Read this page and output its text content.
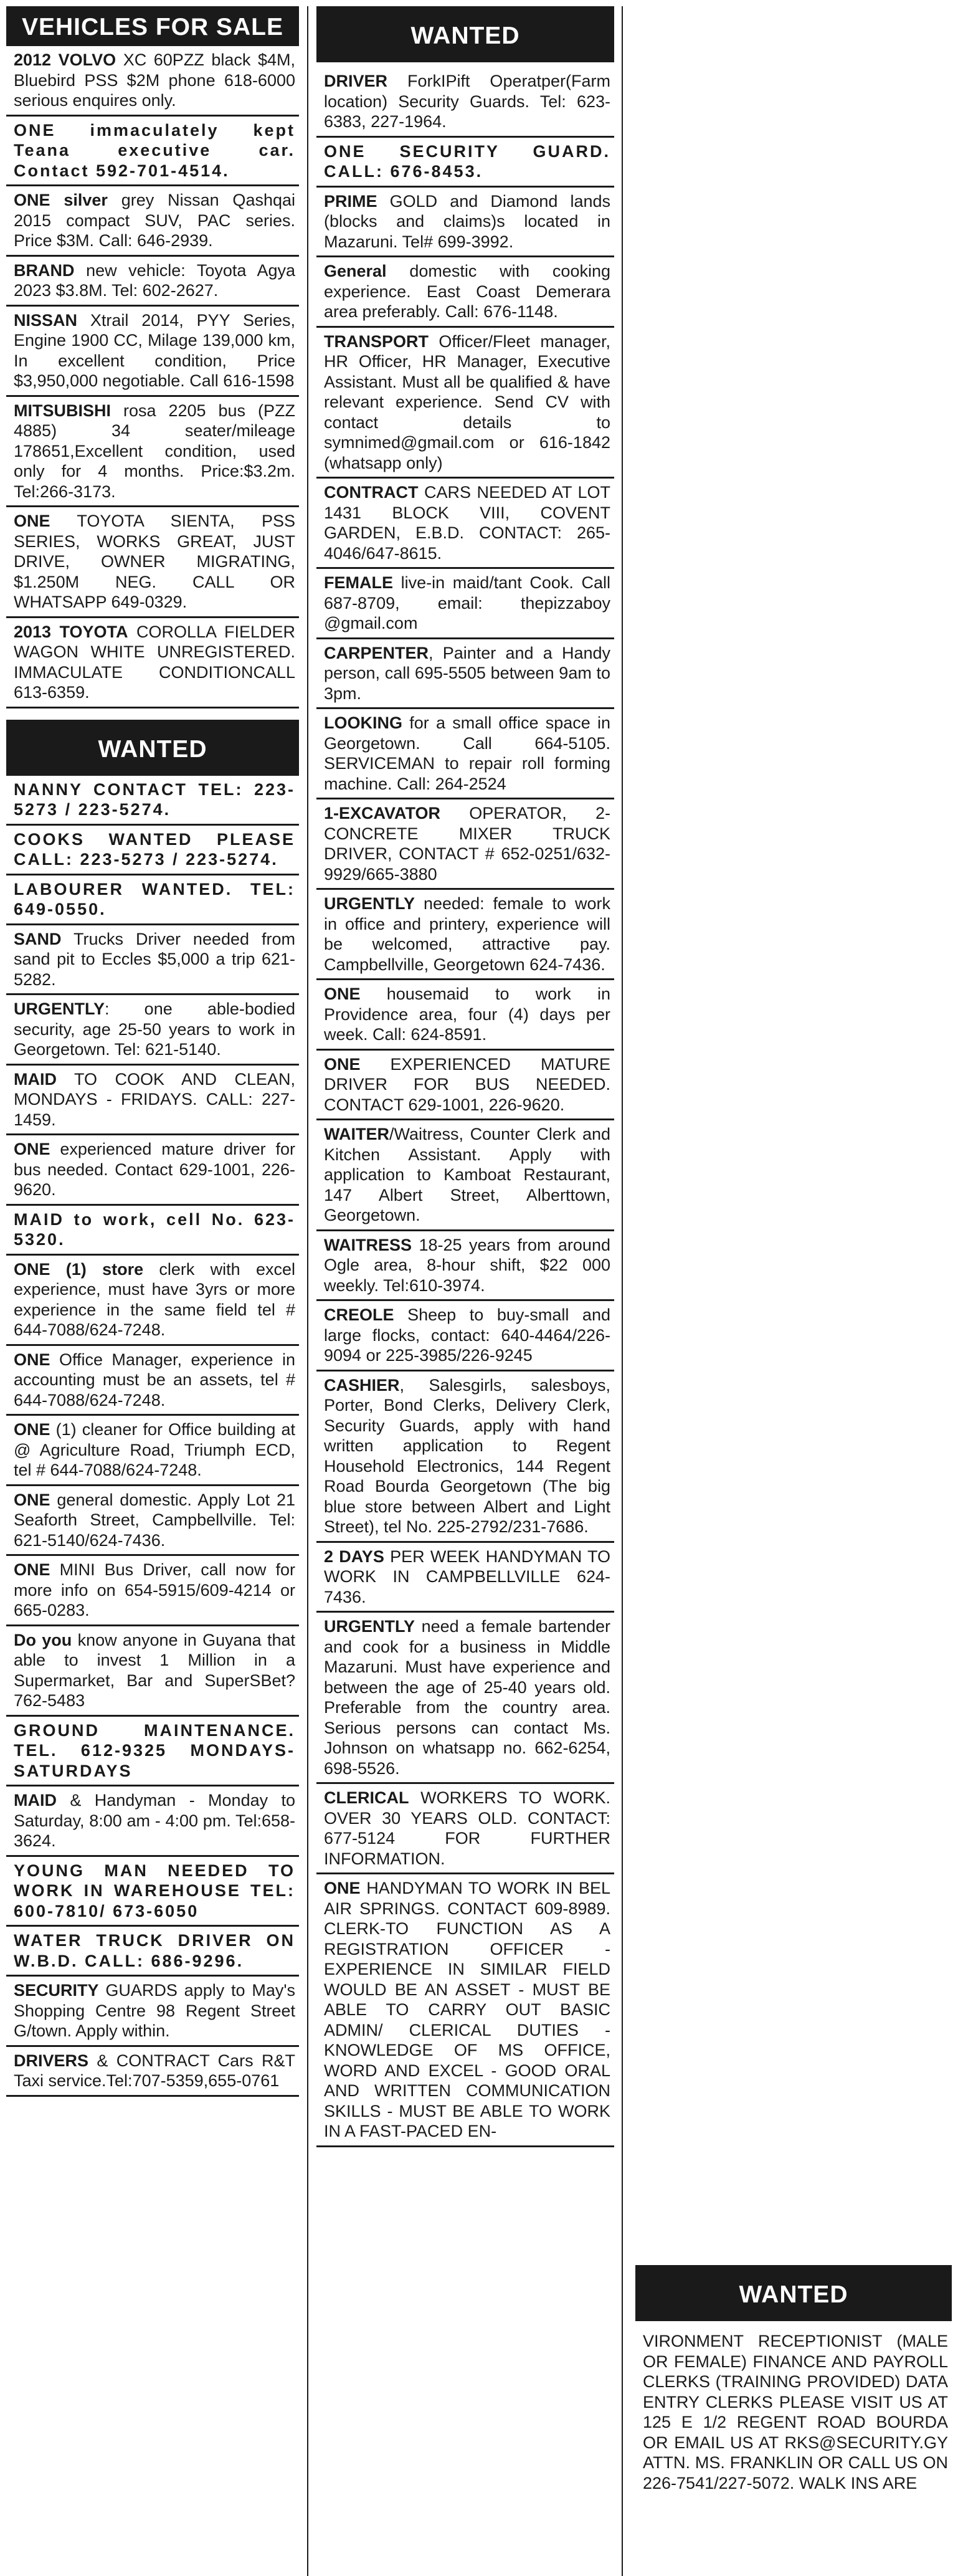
VEHICLES FOR SALE
2012 VOLVO XC 60PZZ black $4M, Bluebird PSS $2M phone 618-6000 serious enquires only.
ONE immaculately kept Teana executive car. Contact 592-701-4514.
ONE silver grey Nissan Qashqai 2015 compact SUV, PAC series. Price $3M. Call: 646-2939.
BRAND new vehicle: Toyota Agya 2023 $3.8M. Tel: 602-2627.
NISSAN Xtrail 2014, PYY Series, Engine 1900 CC, Milage 139,000 km, In excellent condition, Price $3,950,000 negotiable. Call 616-1598
MITSUBISHI rosa 2205 bus (PZZ 4885) 34 seater/mileage 178651,Excellent condition, used only for 4 months. Price:$3.2m. Tel:266-3173.
ONE TOYOTA SIENTA, PSS SERIES, WORKS GREAT, JUST DRIVE, OWNER MIGRATING, $1.250M NEG. CALL OR WHATSAPP 649-0329.
2013 TOYOTA COROLLA FIELDER WAGON WHITE UNREGISTERED. IMMACULATE CONDITIONCALL 613-6359.
WANTED
NANNY CONTACT TEL: 223-5273 / 223-5274.
COOKS WANTED PLEASE CALL: 223-5273 / 223-5274.
LABOURER WANTED. TEL: 649-0550.
SAND Trucks Driver needed from sand pit to Eccles $5,000 a trip 621-5282.
URGENTLY: one able-bodied security, age 25-50 years to work in Georgetown. Tel: 621-5140.
MAID TO COOK AND CLEAN, MONDAYS - FRIDAYS. CALL: 227-1459.
ONE experienced mature driver for bus needed. Contact 629-1001, 226-9620.
MAID to work, cell No. 623-5320.
ONE (1) store clerk with excel experience, must have 3yrs or more experience in the same field tel # 644-7088/624-7248.
ONE Office Manager, experience in accounting must be an assets, tel # 644-7088/624-7248.
ONE (1) cleaner for Office building at @ Agriculture Road, Triumph ECD, tel # 644-7088/624-7248.
ONE general domestic. Apply Lot 21 Seaforth Street, Campbellville. Tel: 621-5140/624-7436.
ONE MINI Bus Driver, call now for more info on 654-5915/609-4214 or 665-0283.
Do you know anyone in Guyana that able to invest 1 Million in a Supermarket, Bar and SuperSBet? 762-5483
GROUND MAINTENANCE. TEL. 612-9325 MONDAYS-SATURDAYS
MAID & Handyman - Monday to Saturday, 8:00 am - 4:00 pm. Tel:658-3624.
YOUNG MAN NEEDED TO WORK IN WAREHOUSE TEL: 600-7810/ 673-6050
WATER TRUCK DRIVER ON W.B.D. CALL: 686-9296.
SECURITY GUARDS apply to May's Shopping Centre 98 Regent Street G/town. Apply within.
DRIVERS & CONTRACT Cars R&T Taxi service.Tel:707-5359,655-0761
WANTED
DRIVER ForkIPift Operatper(Farm location) Security Guards. Tel: 623-6383, 227-1964.
ONE SECURITY GUARD. CALL: 676-8453.
PRIME GOLD and Diamond lands (blocks and claims)s located in Mazaruni. Tel# 699-3992.
General domestic with cooking experience. East Coast Demerara area preferably. Call: 676-1148.
TRANSPORT Officer/Fleet manager, HR Officer, HR Manager, Executive Assistant. Must all be qualified & have relevant experience. Send CV with contact details to symnimed@gmail.com or 616-1842 (whatsapp only)
CONTRACT CARS NEEDED AT LOT 1431 BLOCK VIII, COVENT GARDEN, E.B.D. CONTACT: 265-4046/647-8615.
FEMALE live-in maid/tant Cook. Call 687-8709, email: thepizzaboy @gmail.com
CARPENTER, Painter and a Handy person, call 695-5505 between 9am to 3pm.
LOOKING for a small office space in Georgetown. Call 664-5105. SERVICEMAN to repair roll forming machine. Call: 264-2524
1-EXCAVATOR OPERATOR, 2- CONCRETE MIXER TRUCK DRIVER, CONTACT # 652-0251/632-9929/665-3880
URGENTLY needed: female to work in office and printery, experience will be welcomed, attractive pay. Campbellville, Georgetown 624-7436.
ONE housemaid to work in Providence area, four (4) days per week. Call: 624-8591.
ONE EXPERIENCED MATURE DRIVER FOR BUS NEEDED. CONTACT 629-1001, 226-9620.
WAITER/Waitress, Counter Clerk and Kitchen Assistant. Apply with application to Kamboat Restaurant, 147 Albert Street, Alberttown, Georgetown.
WAITRESS 18-25 years from around Ogle area, 8-hour shift, $22 000 weekly. Tel:610-3974.
CREOLE Sheep to buy-small and large flocks, contact: 640-4464/226-9094 or 225-3985/226-9245
CASHIER, Salesgirls, salesboys, Porter, Bond Clerks, Delivery Clerk, Security Guards, apply with hand written application to Regent Household Electronics, 144 Regent Road Bourda Georgetown (The big blue store between Albert and Light Street), tel No. 225-2792/231-7686.
2 DAYS PER WEEK HANDYMAN TO WORK IN CAMPBELLVILLE 624-7436.
URGENTLY need a female bartender and cook for a business in Middle Mazaruni. Must have experience and between the age of 25-40 years old. Preferable from the country area. Serious persons can contact Ms. Johnson on whatsapp no. 662-6254, 698-5526.
CLERICAL WORKERS TO WORK. OVER 30 YEARS OLD. CONTACT: 677-5124 FOR FURTHER INFORMATION.
ONE HANDYMAN TO WORK IN BEL AIR SPRINGS. CONTACT 609-8989. CLERK-TO FUNCTION AS A REGISTRATION OFFICER - EXPERIENCE IN SIMILAR FIELD WOULD BE AN ASSET - MUST BE ABLE TO CARRY OUT BASIC ADMIN/ CLERICAL DUTIES - KNOWLEDGE OF MS OFFICE, WORD AND EXCEL - GOOD ORAL AND WRITTEN COMMUNICATION SKILLS - MUST BE ABLE TO WORK IN A FAST-PACED EN-
WANTED
VIRONMENT RECEPTIONIST (MALE OR FEMALE) FINANCE AND PAYROLL CLERKS (TRAINING PROVIDED) DATA ENTRY CLERKS PLEASE VISIT US AT 125 E 1/2 REGENT ROAD BOURDA OR EMAIL US AT RKS@SECURITY.GY ATTN. MS. FRANKLIN OR CALL US ON 226-7541/227-5072. WALK INS ARE
